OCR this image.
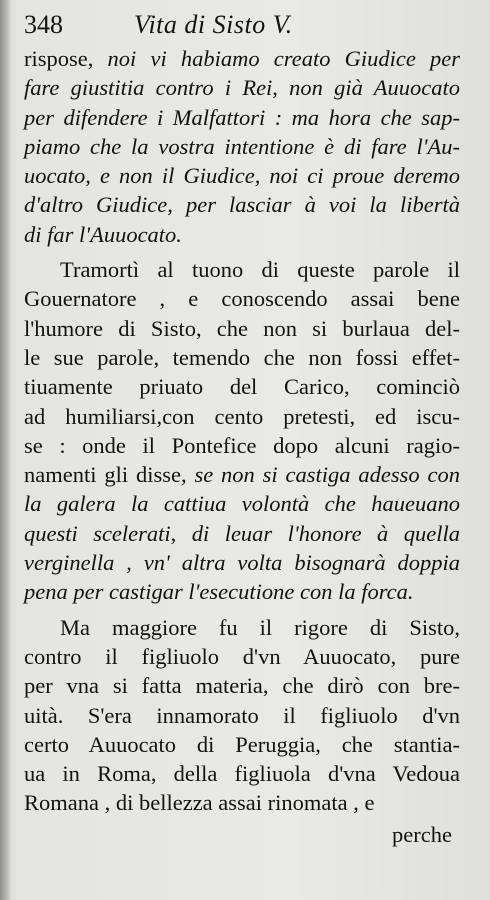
348	Vita di Sisto V.
rispose, noi vi habiamo creato Giudice per
fare giustitia contro i Rei, non già Auuocato
per difendere i Malfattori : ma hora che sap-
piamo che la vostra intentione è di fare l'Au-
uocato, e non il Giudice, noi ci proue deremo
d'altro Giudice, per lasciar à voi la libertà
di far l'Auuocato.
Tramortì al tuono di queste parole il
Gouernatore , e conoscendo assai bene
l'humore di Sisto, che non si burlaua del-
le sue parole, temendo che non fossi effet-
tiuamente priuato del Carico, cominciò
ad humiliarsi,con cento pretesti, ed iscu-
se : onde il Pontefice dopo alcuni ragio-
namenti gli disse, se non si castiga adesso con
la galera la cattiua volontà che haueuano
questi scelerati, di leuar l'honore à quella
verginella , vn' altra volta bisognarà doppia
pena per castigar l'esecutione con la forca.
Ma maggiore fu il rigore di Sisto,
contro il figliuolo d'vn Auuocato, pure
per vna si fatta materia, che dirò con bre-
uità. S'era innamorato il figliuolo d'vn
certo Auuocato di Peruggia, che stantia-
ua in Roma, della figliuola d'vna Vedoua
Romana , di bellezza assai rinomata , e
perche
